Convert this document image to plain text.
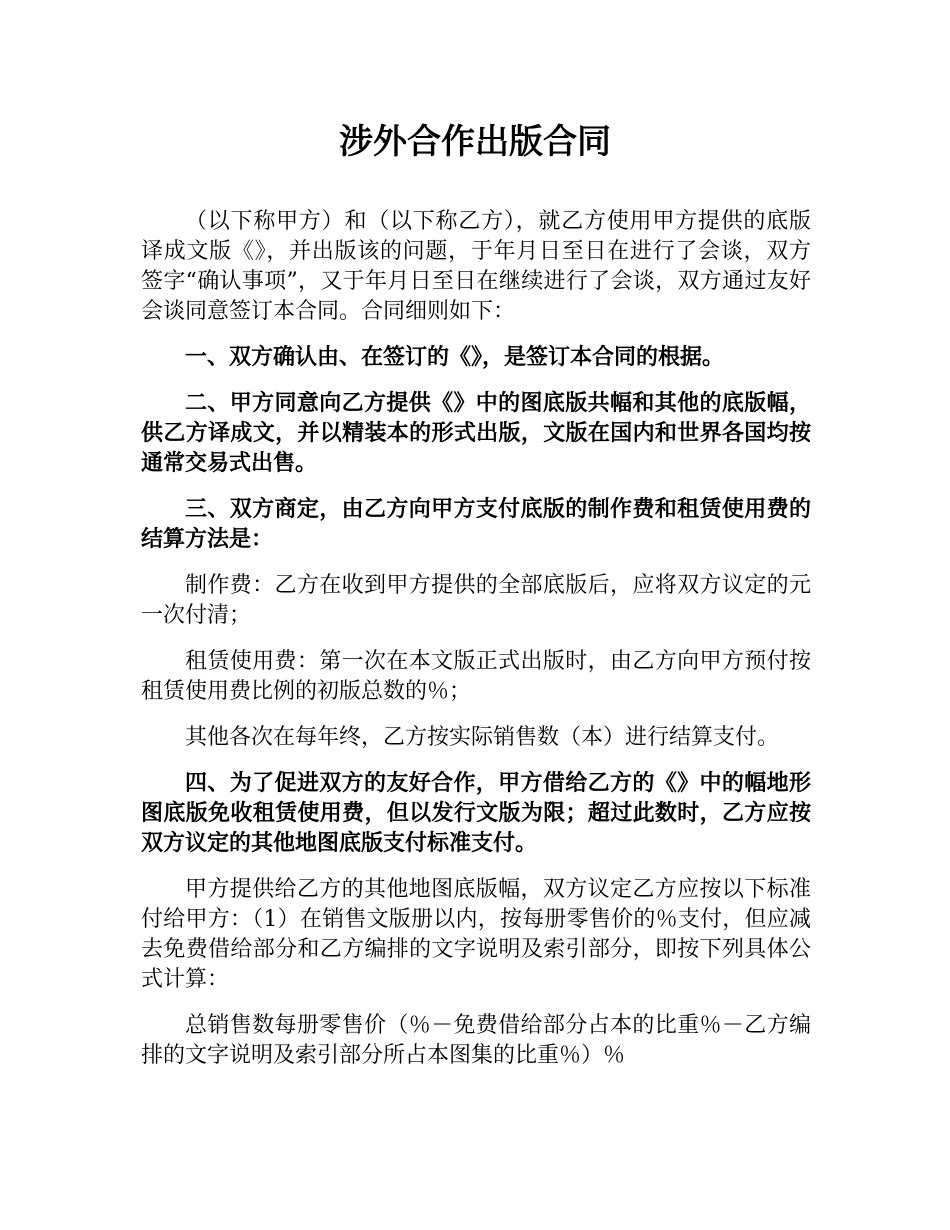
涉外合作出版合同

（以下称甲方）和（以下称乙方），就乙方使用甲方提供的底版译成文版《》，并出版该的问题，于年月日至日在进行了会谈，双方签字“确认事项”，又于年月日至日在继续进行了会谈，双方通过友好会谈同意签订本合同。合同细则如下：

一、双方确认由、在签订的《》，是签订本合同的根据。

二、甲方同意向乙方提供《》中的图底版共幅和其他的底版幅，供乙方译成文，并以精装本的形式出版，文版在国内和世界各国均按通常交易式出售。

三、双方商定，由乙方向甲方支付底版的制作费和租赁使用费的结算方法是：

制作费：乙方在收到甲方提供的全部底版后，应将双方议定的元一次付清；

租赁使用费：第一次在本文版正式出版时，由乙方向甲方预付按租赁使用费比例的初版总数的％；

其他各次在每年终，乙方按实际销售数（本）进行结算支付。

四、为了促进双方的友好合作，甲方借给乙方的《》中的幅地形图底版免收租赁使用费，但以发行文版为限；超过此数时，乙方应按双方议定的其他地图底版支付标准支付。

甲方提供给乙方的其他地图底版幅，双方议定乙方应按以下标准付给甲方：（1）在销售文版册以内，按每册零售价的％支付，但应减去免费借给部分和乙方编排的文字说明及索引部分，即按下列具体公式计算：

总销售数每册零售价（％－免费借给部分占本的比重％－乙方编排的文字说明及索引部分所占本图集的比重％）％
